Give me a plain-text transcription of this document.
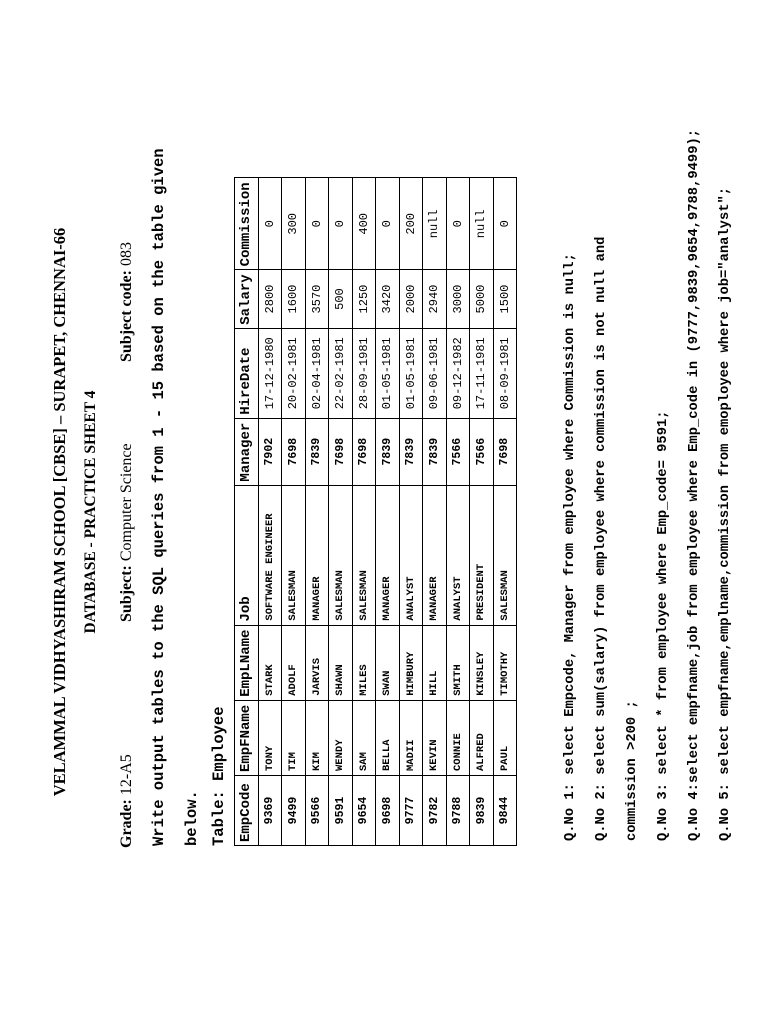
VELAMMAL VIDHYASHIRAM SCHOOL [CBSE] – SURAPET, CHENNAI-66 DATABASE - PRACTICE SHEET 4
Grade: 12-A5
Subject: Computer Science
Subject code: 083 Write output tables to the SQL queries from 1 - 15 based on the table given below. Table: Employee EmpCode	EmpFName	EmpLName	Job	Manager	HireDate	Salary	Commission
9369	TONY	STARK	SOFTWARE ENGINEER	7902	17-12-1980	2800	0
9499	TIM	ADOLF	SALESMAN	7698	20-02-1981	1600	300
9566	KIM	JARVIS	MANAGER	7839	02-04-1981	3570	0
9591	WENDY	SHAWN	SALESMAN	7698	22-02-1981	500	0
9654	SAM	MILES	SALESMAN	7698	28-09-1981	1250	400
9698	BELLA	SWAN	MANAGER	7839	01-05-1981	3420	0
9777	MADII	HIMBURY	ANALYST	7839	01-05-1981	2000	200
9782	KEVIN	HILL	MANAGER	7839	09-06-1981	2940	null
9788	CONNIE	SMITH	ANALYST	7566	09-12-1982	3000	0
9839	ALFRED	KINSLEY	PRESIDENT	7566	17-11-1981	5000	null
9844	PAUL	TIMOTHY	SALESMAN	7698	08-09-1981	1500	0
Q.No 1: select Empcode, Manager from employee where Commission is null;	Q.No 2: select sum(salary) from employee where commission is not null and	commission >200 ;	Q.No 3: select * from employee where Emp_code= 9591;	Q.No 4:select empfname,job from employee where Emp_code in (9777,9839,9654,9788,9499);	Q.No 5: select empfname,emplname,commission from emoployee where job="analyst";
